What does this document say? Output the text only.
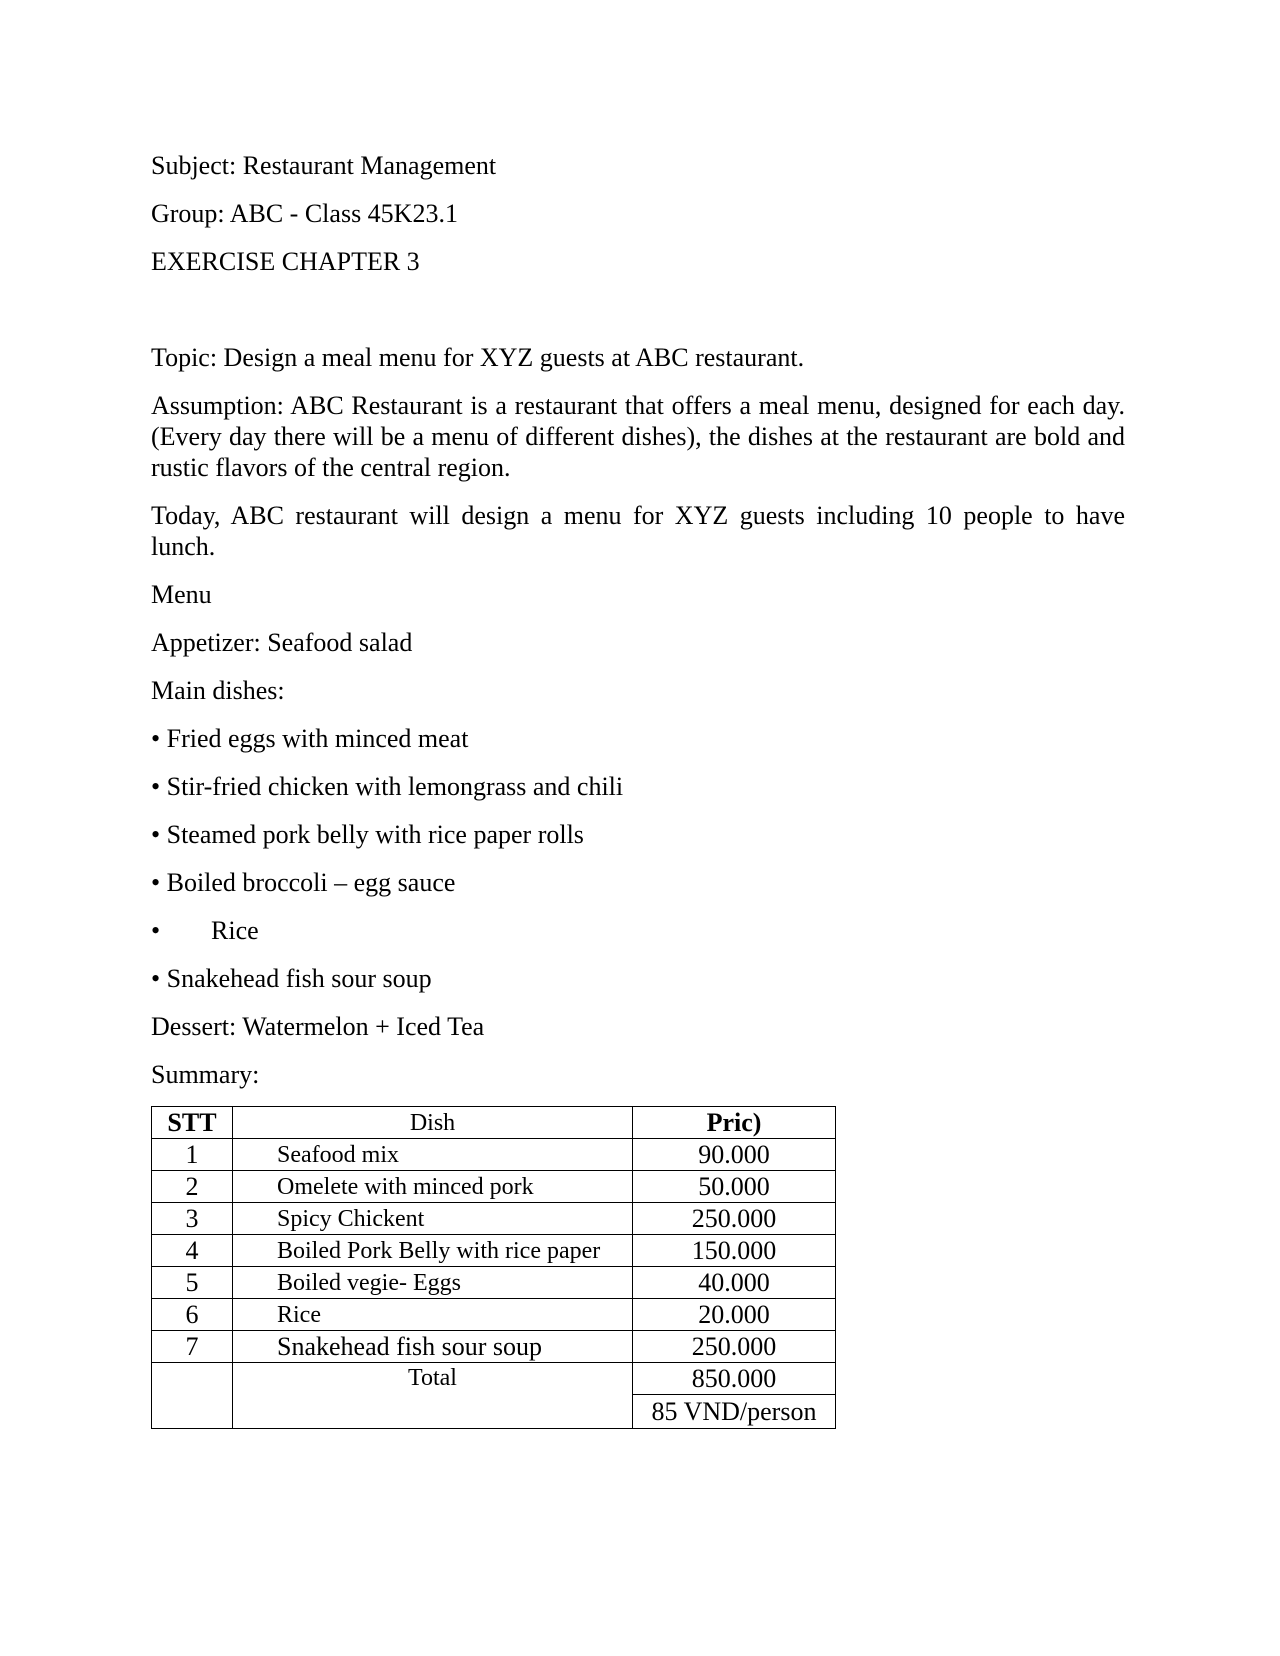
Subject: Restaurant Management
Group: ABC - Class 45K23.1
EXERCISE CHAPTER 3
Topic: Design a meal menu for XYZ guests at ABC restaurant.
Assumption: ABC Restaurant is a restaurant that offers a meal menu, designed for each day. (Every day there will be a menu of different dishes), the dishes at the restaurant are bold and rustic flavors of the central region.
Today, ABC restaurant will design a menu for XYZ guests including 10 people to have lunch.
Menu
Appetizer: Seafood salad
Main dishes:
• Fried eggs with minced meat
• Stir-fried chicken with lemongrass and chili
• Steamed pork belly with rice paper rolls
• Boiled broccoli – egg sauce
• Rice
• Snakehead fish sour soup
Dessert: Watermelon + Iced Tea
Summary:
STT	Dish	Pric)
1	Seafood mix	90.000
2	Omelete with minced pork	50.000
3	Spicy Chickent	250.000
4	Boiled Pork Belly with rice paper	150.000
5	Boiled vegie- Eggs	40.000
6	Rice	20.000
7	Snakehead fish sour soup	250.000
	Total	850.000
		85 VND/person
